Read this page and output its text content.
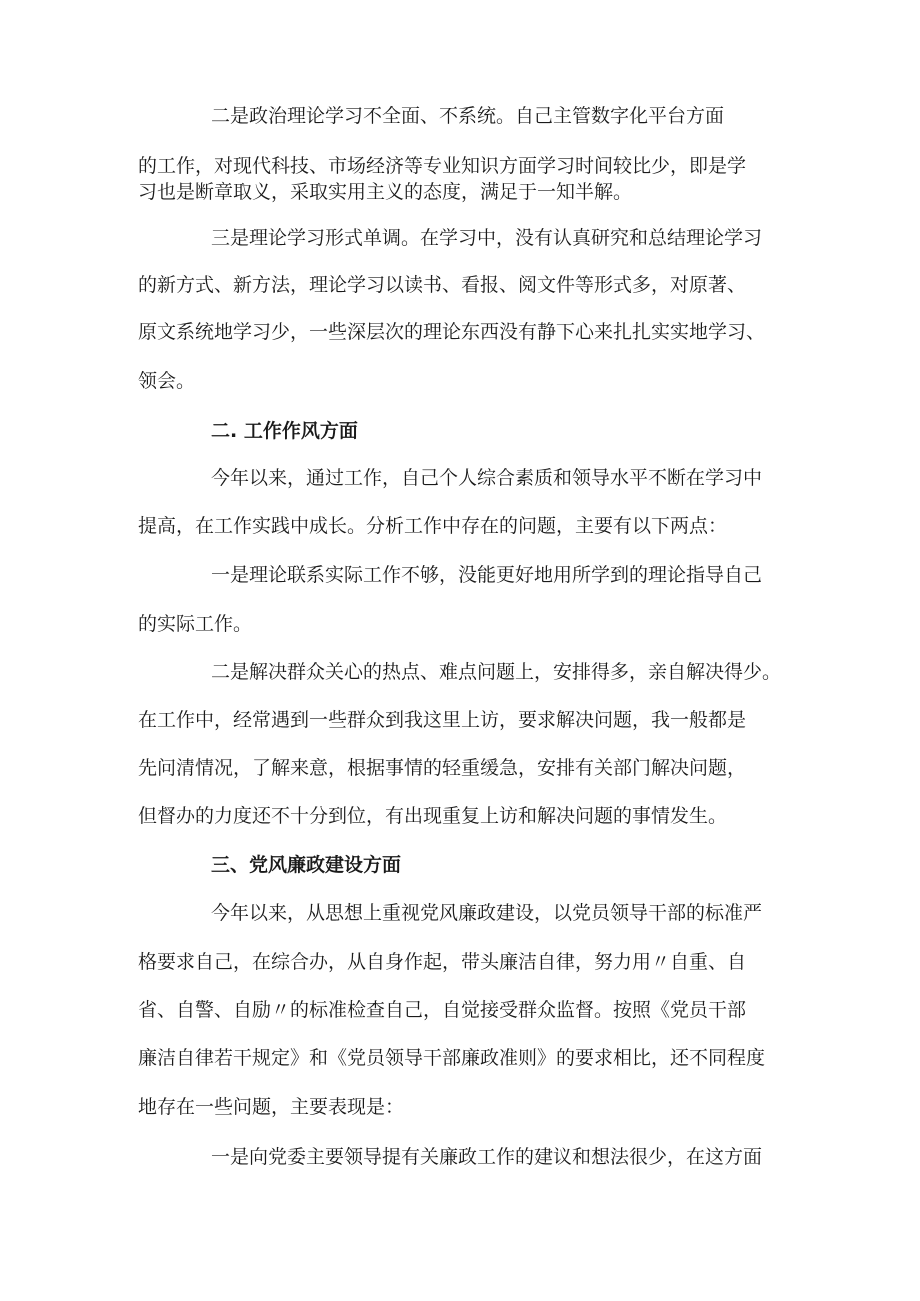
二是政治理论学习不全面、不系统。自己主管数字化平台方面
的工作，对现代科技、市场经济等专业知识方面学习时间较比少，即是学
习也是断章取义，采取实用主义的态度，满足于一知半解。
三是理论学习形式单调。在学习中，没有认真研究和总结理论学习
的新方式、新方法，理论学习以读书、看报、阅文件等形式多，对原著、
原文系统地学习少，一些深层次的理论东西没有静下心来扎扎实实地学习、
领会。
二. 工作作风方面
今年以来，通过工作，自己个人综合素质和领导水平不断在学习中
提高，在工作实践中成长。分析工作中存在的问题，主要有以下两点：
一是理论联系实际工作不够，没能更好地用所学到的理论指导自己
的实际工作。
二是解决群众关心的热点、难点问题上，安排得多，亲自解决得少。
在工作中，经常遇到一些群众到我这里上访，要求解决问题，我一般都是
先问清情况，了解来意，根据事情的轻重缓急，安排有关部门解决问题，
但督办的力度还不十分到位，有出现重复上访和解决问题的事情发生。
三、党风廉政建设方面
今年以来，从思想上重视党风廉政建设，以党员领导干部的标准严
格要求自己，在综合办，从自身作起，带头廉洁自律，努力用〃自重、自
省、自警、自励〃的标准检查自己，自觉接受群众监督。按照《党员干部
廉洁自律若干规定》和《党员领导干部廉政准则》的要求相比，还不同程度
地存在一些问题，主要表现是：
一是向党委主要领导提有关廉政工作的建议和想法很少，在这方面
